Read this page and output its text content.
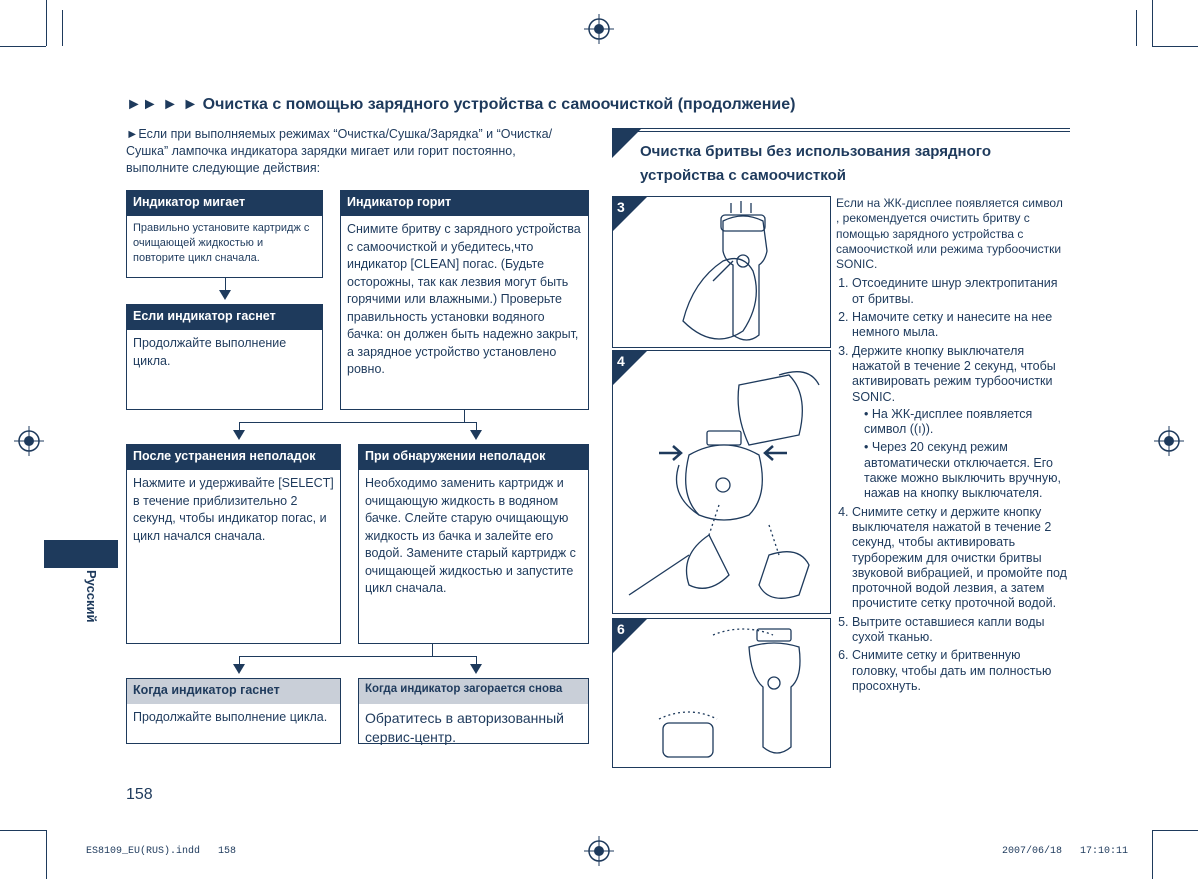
►► ► ► Очистка с помощью зарядного устройства с самоочисткой (продолжение)
►Если при выполняемых режимах “Очистка/Сушка/Зарядка” и “Очистка/Сушка” лампочка индикатора зарядки мигает или горит постоянно, выполните следующие действия:
Индикатор мигает
Правильно установите картридж с очищающей жидкостью и повторите цикл сначала.
Индикатор горит
Снимите бритву с зарядного устройства с самоочисткой и убедитесь,что индикатор [CLEAN] погас. (Будьте осторожны, так как лезвия могут быть горячими или влажными.) Проверьте правильность установки водяного бачка: он должен быть надежно закрыт, а зарядное устройство установлено ровно.
Если индикатор гаснет
Продолжайте выполнение цикла.
После устранения неполадок
Нажмите и удерживайте [SELECT] в течение приблизительно 2 секунд, чтобы индикатор погас, и цикл начался сначала.
При обнаружении неполадок
Необходимо заменить картридж и очищающую жидкость в водяном бачке. Слейте старую очищающую жидкость из бачка и залейте его водой. Замените старый картридж с очищающей жидкостью и запустите цикл сначала.
Когда индикатор гаснет
Продолжайте выполнение цикла.
Когда индикатор загорается снова
Обратитесь в авторизованный сервис-центр.
Русский
158
Очистка бритвы без использования зарядного устройства с самоочисткой
3
4
6
Если на ЖК-дисплее появляется символ , рекомендуется очистить бритву с помощью зарядного устройства с самоочисткой или режима турбоочистки SONIC.
1. Отсоедините шнур электропитания от бритвы.
2. Намочите сетку и нанесите на нее немного мыла.
3. Держите кнопку выключателя нажатой в течение 2 секунд, чтобы активировать режим турбоочистки SONIC.
• На ЖК-дисплее появляется символ ((ı)).
• Через 20 секунд режим автоматически отключается. Его также можно выключить вручную, нажав на кнопку выключателя.
4. Снимите сетку и держите кнопку выключателя нажатой в течение 2 секунд, чтобы активировать турборежим для очистки бритвы звуковой вибрацией, и промойте под проточной водой лезвия, а затем прочистите сетку проточной водой.
5. Вытрите оставшиеся капли воды сухой тканью.
6. Снимите сетку и бритвенную головку, чтобы дать им полностью просохнуть.
ES8109_EU(RUS).indd   158	2007/06/18   17:10:11
